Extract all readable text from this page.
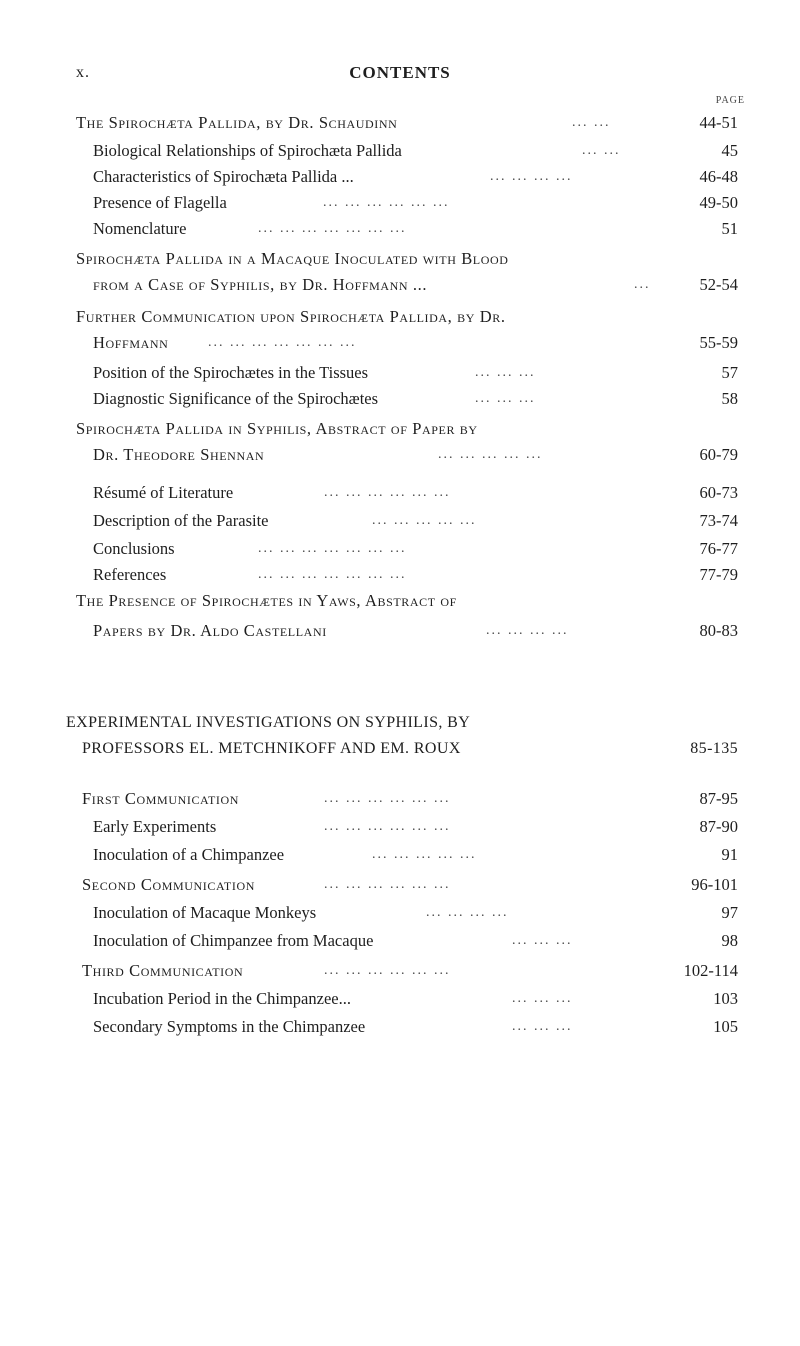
x.	CONTENTS
PAGE
The Spirochæta Pallida, by Dr. Schaudinn	... ...	44-51
Biological Relationships of Spirochæta Pallida	... ...	45
Characteristics of Spirochæta Pallida ...	... ... ... ...	46-48
Presence of Flagella	... ... ... ... ... ...	49-50
Nomenclature	... ... ... ... ... ... ...	51
Spirochæta Pallida in a Macaque Inoculated with Blood
from a Case of Syphilis, by Dr. Hoffmann ...	...	52-54
Further Communication upon Spirochæta Pallida, by Dr.
Hoffmann	... ... ... ... ... ... ...	55-59
Position of the Spirochætes in the Tissues	... ... ...	57
Diagnostic Significance of the Spirochætes	... ... ...	58
Spirochæta Pallida in Syphilis, Abstract of Paper by
Dr. Theodore Shennan	... ... ... ... ...	60-79
Résumé of Literature	... ... ... ... ... ...	60-73
Description of the Parasite	... ... ... ... ...	73-74
Conclusions	... ... ... ... ... ... ...	76-77
References	... ... ... ... ... ... ...	77-79
The Presence of Spirochætes in Yaws, Abstract of
Papers by Dr. Aldo Castellani	... ... ... ...	80-83
EXPERIMENTAL INVESTIGATIONS ON SYPHILIS, BY
PROFESSORS EL. METCHNIKOFF AND EM. ROUX	85-135
First Communication	... ... ... ... ... ...	87-95
Early Experiments	... ... ... ... ... ...	87-90
Inoculation of a Chimpanzee	... ... ... ... ...	91
Second Communication	... ... ... ... ... ...	96-101
Inoculation of Macaque Monkeys	... ... ... ...	97
Inoculation of Chimpanzee from Macaque	... ... ...	98
Third Communication	... ... ... ... ... ...	102-114
Incubation Period in the Chimpanzee...	... ... ...	103
Secondary Symptoms in the Chimpanzee	... ... ...	105
